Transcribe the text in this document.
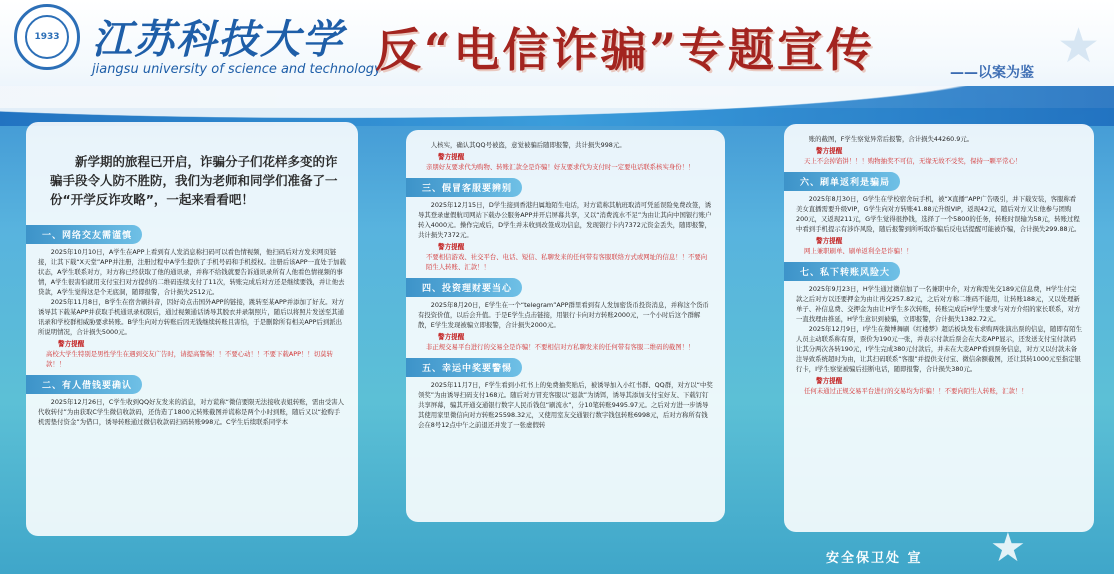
1933 江苏科技大学
jiangsu university of science and technology
反“电信诈骗”专题宣传	——以案为鉴 ★

新学期的旅程已开启，诈骗分子们花样多变的诈骗手段令人防不胜防，我们为老师和同学们准备了一份“开学反诈攻略”，一起来看看吧！

一、网络交友需谨慎

2025年10月10日，A学生在APP上看到有人发消息称扫码可以看色情视频，他扫码后对方发来网页链接，让其下载“X天堂”APP并注册，注册过程中A学生提供了手机号码和手机授权。注册后该APP一直处于加载状态，A学生联系对方，对方称已经获取了他的通讯录，并称不给钱就要告诉通讯录所有人他看色情视频的事情，A学生很害怕就用支付宝扫对方提供的二维码连续支付了11次，转账完成后对方还是继续要钱，并让他去贷款，A学生觉得这是个无底洞，随即报警，合计损失2512元。

2025年11月8日，B学生在宿舍刷抖音，因好奇点击国外APP的链接，跳转至某APP并添加了好友。对方诱导其下载某APP并获取手机通讯录权限后，通过视频通话诱导其脱衣并录制照片，随后以将照片发送至其通讯录和学校群相威胁要求转账。B学生向对方转账后因无钱继续转账且害怕，于是删除所有相关APP后到派出所说明情况，合计损失5000元。

警方提醒

高校大学生特别是男性学生在遇到交友广告时，请提高警惕！！不要心动！！不要下载APP！！切莫转款！！

二、有人借钱要确认

2025年12月26日，C学生收到QQ好友发来的消息，对方谎称“微信要限无法接收表姐转账，需由受害人代收转付”为由获取C学生微信收款码，还伪造了1800元转账截图并谎称是两个小时到账，随后又以“抢购手机需垫付资金”为借口，诱导转账通过微信收款码扫码转账998元。C学生后续联系同学本

人核实，确认其QQ号被盗，意觉被骗后随即报警，共计损失998元。

警方提醒

亲朋好友要求代为购物、转账汇款全是诈骗！好友要求代为支付时一定要电话联系核实身份！！

三、假冒客服要辨别

2025年12月15日，D学生接到香港归属地陌生电话，对方谎称其航班取消可凭延误险免费改签，诱导其登录虚假航司网站下载办公服务APP并开启屏幕共享，又以“消费流水不足”为由让其向中国银行账户转入4000元。操作完成后，D学生并未收到改签成功信息，发现银行卡内7372元资金丢失，随即报警，共计损失7372元。

警方提醒

不要相信游戏、社交平台、电话、短信、私聊发来的任何带有客服联络方式或网址的信息！！不要向陌生人转账、汇款！！

四、投资理财要当心

2025年8月20日，E学生在一个“telegram”APP群里看到有人发加密货币投资消息，并称这个货币有投资价值，以后会升值。于是E学生点击链接，用银行卡向对方转账2000元，一个小时后这个群解散，E学生发现被骗立即报警，合计损失2000元。

警方提醒

非正规交易平台进行的交易全是诈骗！不要相信对方私聊发来的任何带有客服二维码的截图！！

五、幸运中奖要警惕

2025年11月7日，F学生看到小红书上的免费抽奖贴后，被诱导加入小红书群、QQ群，对方以“中奖领奖”为由诱导扫码支付168元。随后对方冒充客服以“退款”为诱饵，诱导其添加支付宝好友、下载钉钉共享屏幕，骗其开通交通银行数字人民币钱包“刷流水”，分10笔转账9495.97元。之后对方进一步诱导其使用家里微信向对方转账25598.32元，又使用室友交通银行数字钱包转账6998元，后对方称所有钱会在8号12点中午之前退还并发了一张虚假转

账的截图，F学生察觉异常后报警，合计损失44260.9元。

警方提醒

天上不会掉馅饼！！！购物抽奖不可信，无缘无故不受奖，保持一颗平常心！

六、刷单返利是骗局

2025年8月30日，G学生在学校宿舍玩手机，被“X直播”APP广告吸引，并下载安装，客服称看美女直播需要升级VIP，G学生向对方转账41.88元升级VIP，返现42元，随后对方又让他参与团购200元，又返现211元，G学生觉得很挣钱，选择了一个5800的任务，转账时误输为58元，转账过程中看到手机提示有涉诈风险，随后报警到所听取诈骗后反电话提醒可能被诈骗，合计损失299.88元。

警方提醒

网上兼职刷单、刷单返利全是诈骗！！

七、私下转账风险大

2025年9月23日，H学生通过微信加了一名兼职中介，对方称需先交189元信息费，H学生付完款之后对方以还要押金为由让再交257.82元，之后对方称二维码不能用，让转账188元，又以处理新单子、补信息费、交押金为由让H学生多次转账，转账完成后H学生要求与对方介绍的家长联系，对方一直找理由推延，H学生意识到被骗，立即报警，合计损失1382.72元。

2025年12月9日，I学生在微博舞刷《红楼梦》超话板块发布求购两张演出票的信息，随即有陌生人员主动联系称有票，票价为190元一张，并表示付款后票会在大麦APP显示，还发送支付宝付款码让其分两次各转190元，I学生完成380元付款后，并未在大麦APP看到票务信息，对方又以付款未备注导致系统超时为由，让其扫码联系“客服”并提供支付宝、微信余额截图，还让其转1000元至指定银行卡，I学生察觉被骗后挂断电话，随即报警，合计损失380元。

警方提醒

任何未通过正规交易平台进行的交易均为诈骗！！不要向陌生人转账，汇款！！

安全保卫处 宣 ★
